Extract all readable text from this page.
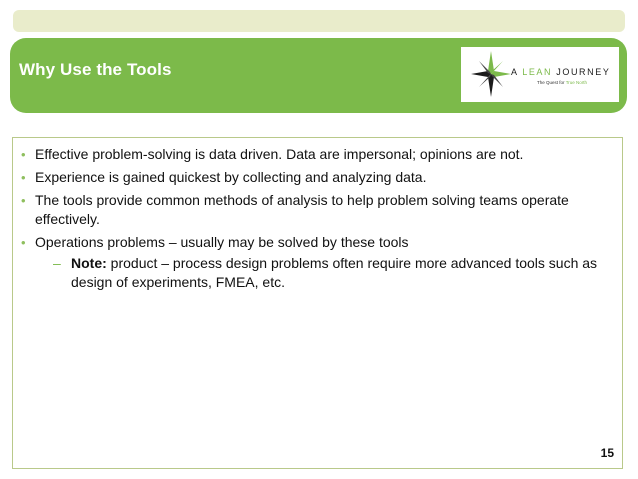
Why Use the Tools	A LEAN JOURNEY
The Quest for True North
• Effective problem-solving is data driven. Data are impersonal; opinions are not.
• Experience is gained quickest by collecting and analyzing data.
• The tools provide common methods of analysis to help problem solving teams operate effectively.
• Operations problems – usually may be solved by these tools
– Note: product – process design problems often require more advanced tools such as design of experiments, FMEA, etc.
15
